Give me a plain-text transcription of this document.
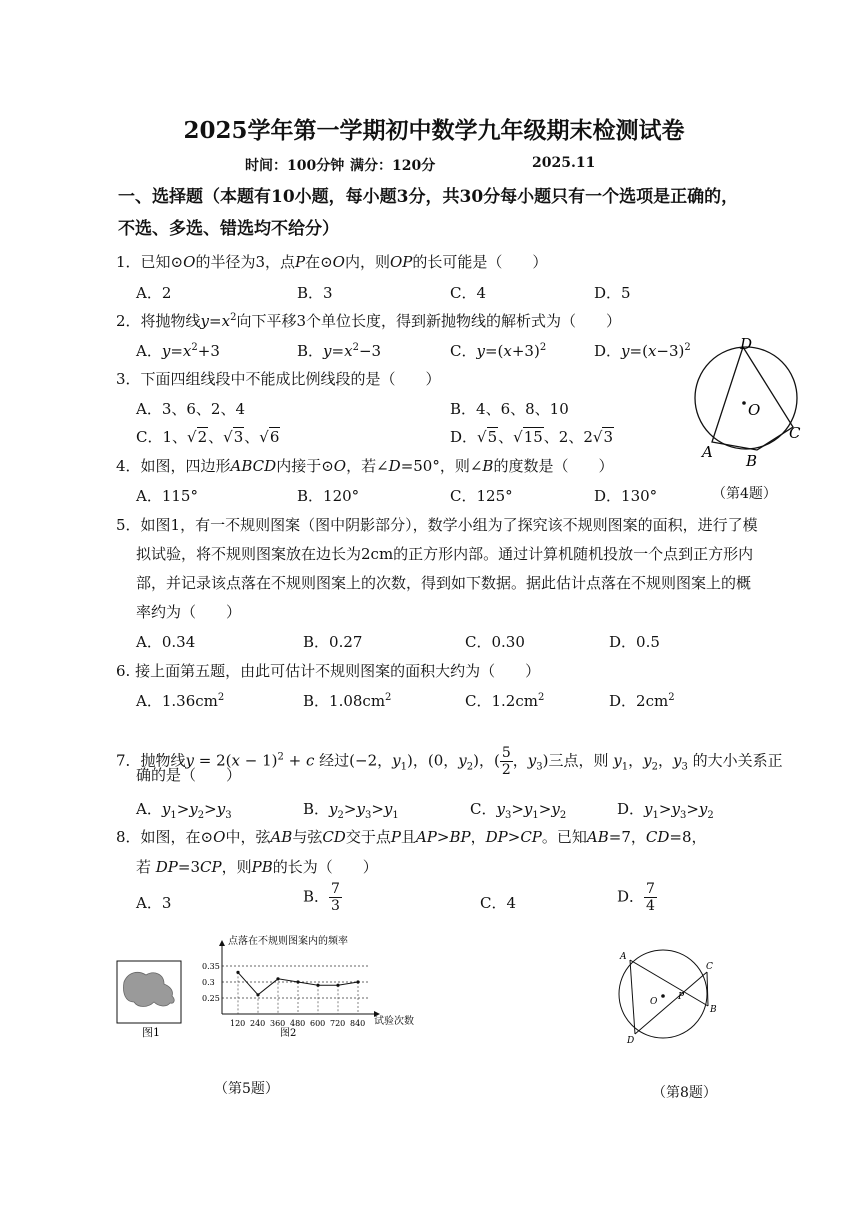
2025学年第一学期初中数学九年级期末检测试卷
时间：100分钟 满分：120分	2025.11
一、选择题（本题有10小题，每小题3分，共30分每小题只有一个选项是正确的，
不选、多选、错选均不给分）
1．已知⊙O的半径为3，点P在⊙O内，则OP的长可能是（　　）
A．2	B．3	C．4	D．5
2．将抛物线$y=x^2$向下平移3个单位长度，得到新抛物线的解析式为（　　）
A．$y=x^2+3$	B．$y=x^2-3$	C．$y=(x+3)^2$	D．$y=(x-3)^2$
3．下面四组线段中不能成比例线段的是（　　）
A．3、6、2、4	B．4、6、8、10
C．1、√2、√3、√6	D．√5、√15、2、2√3
4．如图，四边形ABCD内接于⊙O，若∠D=50°，则∠B的度数是（　　）
A．115°	B．120°	C．125°	D．130°
D
O
C
A B
（第4题）
5．如图1，有一不规则图案（图中阴影部分），数学小组为了探究该不规则图案的面积，进行了模
拟试验，将不规则图案放在边长为2cm的正方形内部。通过计算机随机投放一个点到正方形内
部，并记录该点落在不规则图案上的次数，得到如下数据。据此估计点落在不规则图案上的概
率约为（　　）
A．0.34	B．0.27	C．0.30	D．0.5
6. 接上面第五题，由此可估计不规则图案的面积大约为（　　）
A．$1.36cm^2$	B．$1.08cm^2$	C．$1.2cm^2$	D．$2cm^2$
7．抛物线$y = 2(x - 1)^2 + c$ 经过(−2，$y_1$)，(0，$y_2$)，( $\frac{5}{2}$ ，$y_3$)三点，则 $y_1$，$y_2$，$y_3$ 的大小关系正
确的是（　　）
A．$y_1>y_2>y_3$	B．$y_2>y_3>y_1$	C．$y_3>y_1>y_2$	D．$y_1>y_3>y_2$
8．如图，在⊙O中，弦AB与弦CD交于点P且AP>BP，DP>CP。已知AB=7，CD=8，
若 DP=3CP，则PB的长为（　　）
A．3	B． $\frac{7}{3}$	C．4	D． $\frac{7}{4}$
图1
点落在不规则图案内的频率
0.25
0.3
0.35
120 240 360 480 600 720 840 试验次数
图2
（第5题）
A
C
O P
B
D
（第8题）
